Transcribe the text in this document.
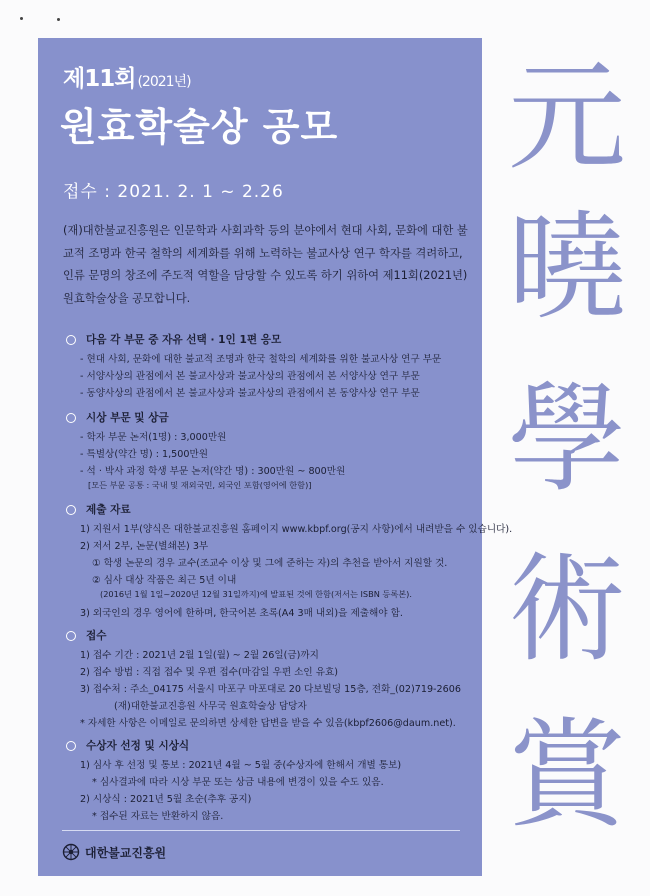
제11회 (2021년)
원효학술상 공모
접수 : 2021. 2. 1 ~ 2.26
(재)대한불교진흥원은 인문학과 사회과학 등의 분야에서 현대 사회, 문화에 대한 불교적 조명과 한국 철학의 세계화를 위해 노력하는 불교사상 연구 학자를 격려하고, 인류 문명의 창조에 주도적 역할을 담당할 수 있도록 하기 위하여 제11회(2021년) 원효학술상을 공모합니다.
다음 각 부문 중 자유 선택 · 1인 1편 응모
- 현대 사회, 문화에 대한 불교적 조명과 한국 철학의 세계화를 위한 불교사상 연구 부문
- 서양사상의 관점에서 본 불교사상과 불교사상의 관점에서 본 서양사상 연구 부문
- 동양사상의 관점에서 본 불교사상과 불교사상의 관점에서 본 동양사상 연구 부문
시상 부문 및 상금
- 학자 부문 논저(1명) : 3,000만원
- 특별상(약간 명) : 1,500만원
- 석 · 박사 과정 학생 부문 논저(약간 명) : 300만원 ~ 800만원
[모든 부문 공통 : 국내 및 재외국민, 외국인 포함(영어에 한함)]
제출 자료
1) 지원서 1부(양식은 대한불교진흥원 홈페이지 www.kbpf.org(공지 사항)에서 내려받을 수 있습니다).
2) 저서 2부, 논문(별쇄본) 3부
① 학생 논문의 경우 교수(조교수 이상 및 그에 준하는 자)의 추천을 받아서 지원할 것.
② 심사 대상 작품은 최근 5년 이내
(2016년 1월 1일~2020년 12월 31일까지)에 발표된 것에 한함(저서는 ISBN 등록본).
3) 외국인의 경우 영어에 한하며, 한국어본 초록(A4 3매 내외)을 제출해야 함.
접수
1) 접수 기간 : 2021년 2월 1일(월) ~ 2월 26일(금)까지
2) 접수 방법 : 직접 접수 및 우편 접수(마감일 우편 소인 유효)
3) 접수처 : 주소_04175 서울시 마포구 마포대로 20 다보빌딩 15층, 전화_(02)719-2606
(재)대한불교진흥원 사무국 원효학술상 담당자
* 자세한 사항은 이메일로 문의하면 상세한 답변을 받을 수 있음(kbpf2606@daum.net).
수상자 선정 및 시상식
1) 심사 후 선정 및 통보 : 2021년 4월 ~ 5월 중(수상자에 한해서 개별 통보)
* 심사결과에 따라 시상 부문 또는 상금 내용에 변경이 있을 수도 있음.
2) 시상식 : 2021년 5월 초순(추후 공지)
* 접수된 자료는 반환하지 않음.
대한불교진흥원
元
曉
學
術
賞
